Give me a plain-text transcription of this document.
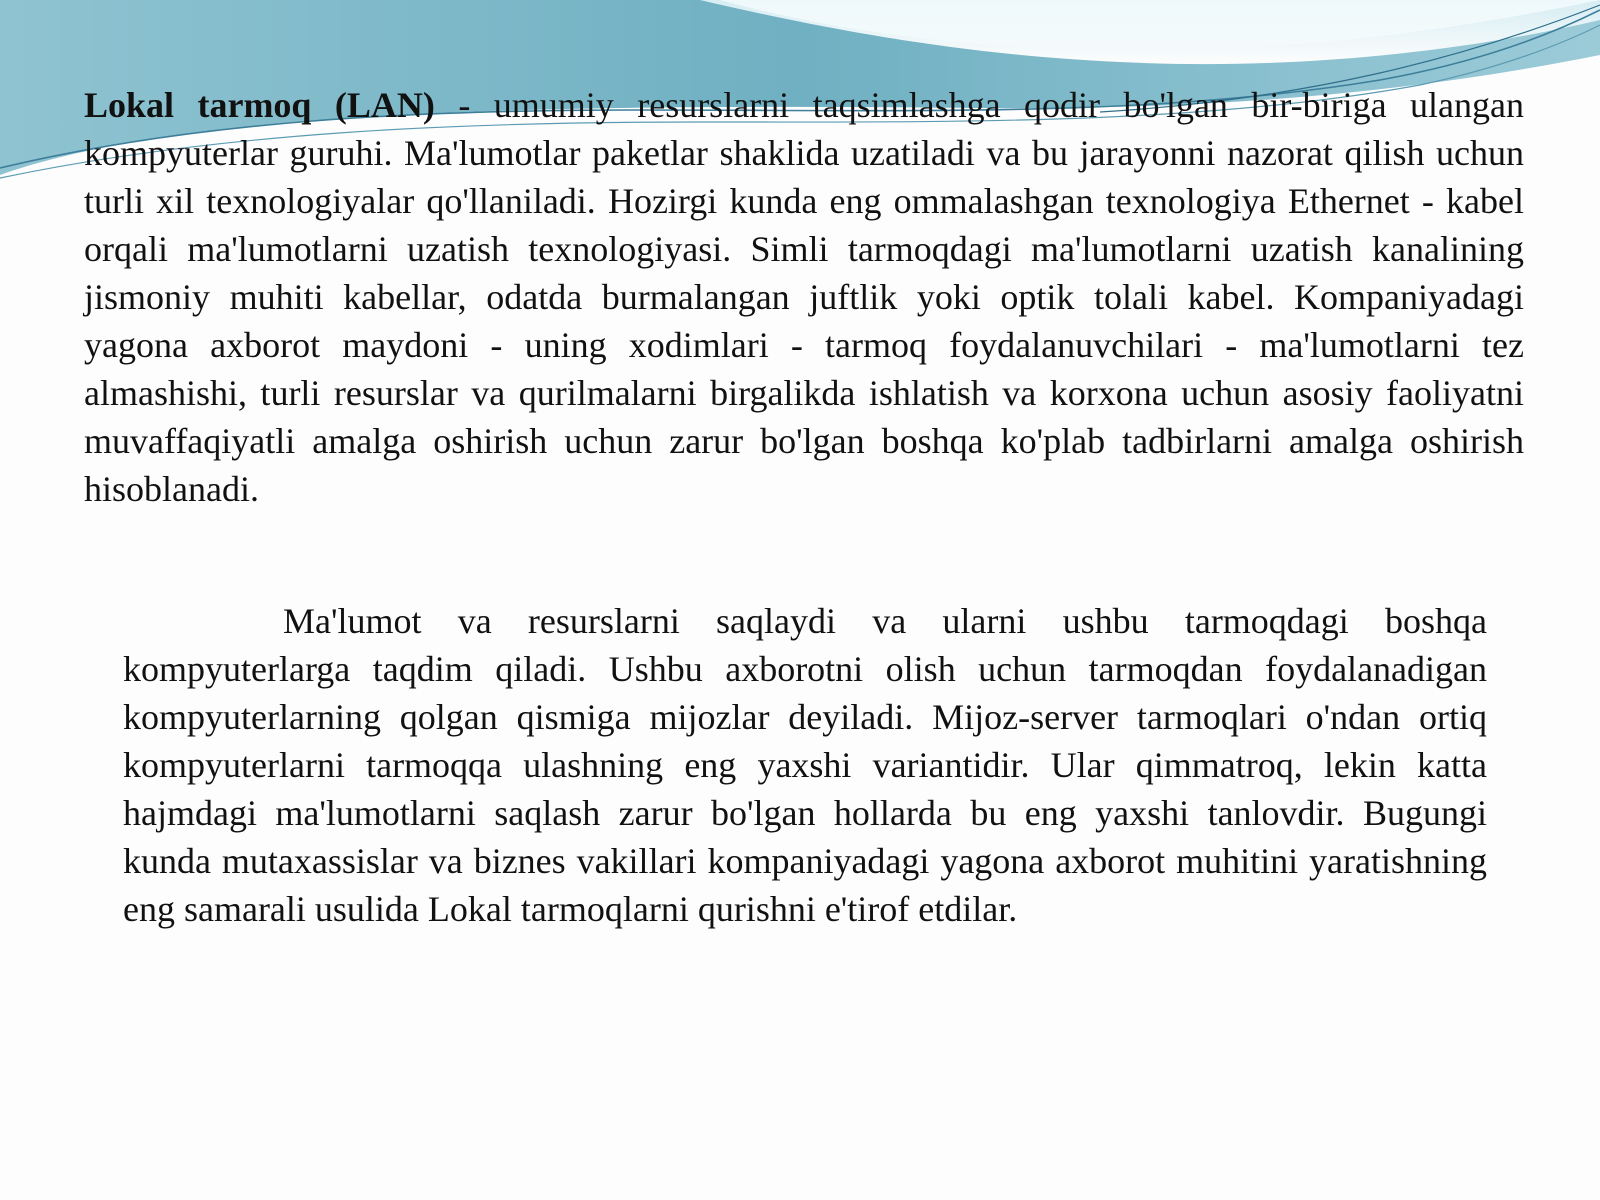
Lokal tarmoq (LAN) - umumiy resurslarni taqsimlashga qodir bo'lgan bir-biriga ulangan kompyuterlar guruhi. Ma'lumotlar paketlar shaklida uzatiladi va bu jarayonni nazorat qilish uchun turli xil texnologiyalar qo'llaniladi. Hozirgi kunda eng ommalashgan texnologiya Ethernet - kabel orqali ma'lumotlarni uzatish texnologiyasi. Simli tarmoqdagi ma'lumotlarni uzatish kanalining jismoniy muhiti kabellar, odatda burmalangan juftlik yoki optik tolali kabel. Kompaniyadagi yagona axborot maydoni - uning xodimlari - tarmoq foydalanuvchilari - ma'lumotlarni tez almashishi, turli resurslar va qurilmalarni birgalikda ishlatish va korxona uchun asosiy faoliyatni muvaffaqiyatli amalga oshirish uchun zarur bo'lgan boshqa ko'plab tadbirlarni amalga oshirish hisoblanadi.

Ma'lumot va resurslarni saqlaydi va ularni ushbu tarmoqdagi boshqa kompyuterlarga taqdim qiladi. Ushbu axborotni olish uchun tarmoqdan foydalanadigan kompyuterlarning qolgan qismiga mijozlar deyiladi. Mijoz-server tarmoqlari o'ndan ortiq kompyuterlarni tarmoqqa ulashning eng yaxshi variantidir. Ular qimmatroq, lekin katta hajmdagi ma'lumotlarni saqlash zarur bo'lgan hollarda bu eng yaxshi tanlovdir. Bugungi kunda mutaxassislar va biznes vakillari kompaniyadagi yagona axborot muhitini yaratishning eng samarali usulida Lokal tarmoqlarni qurishni e'tirof etdilar.
